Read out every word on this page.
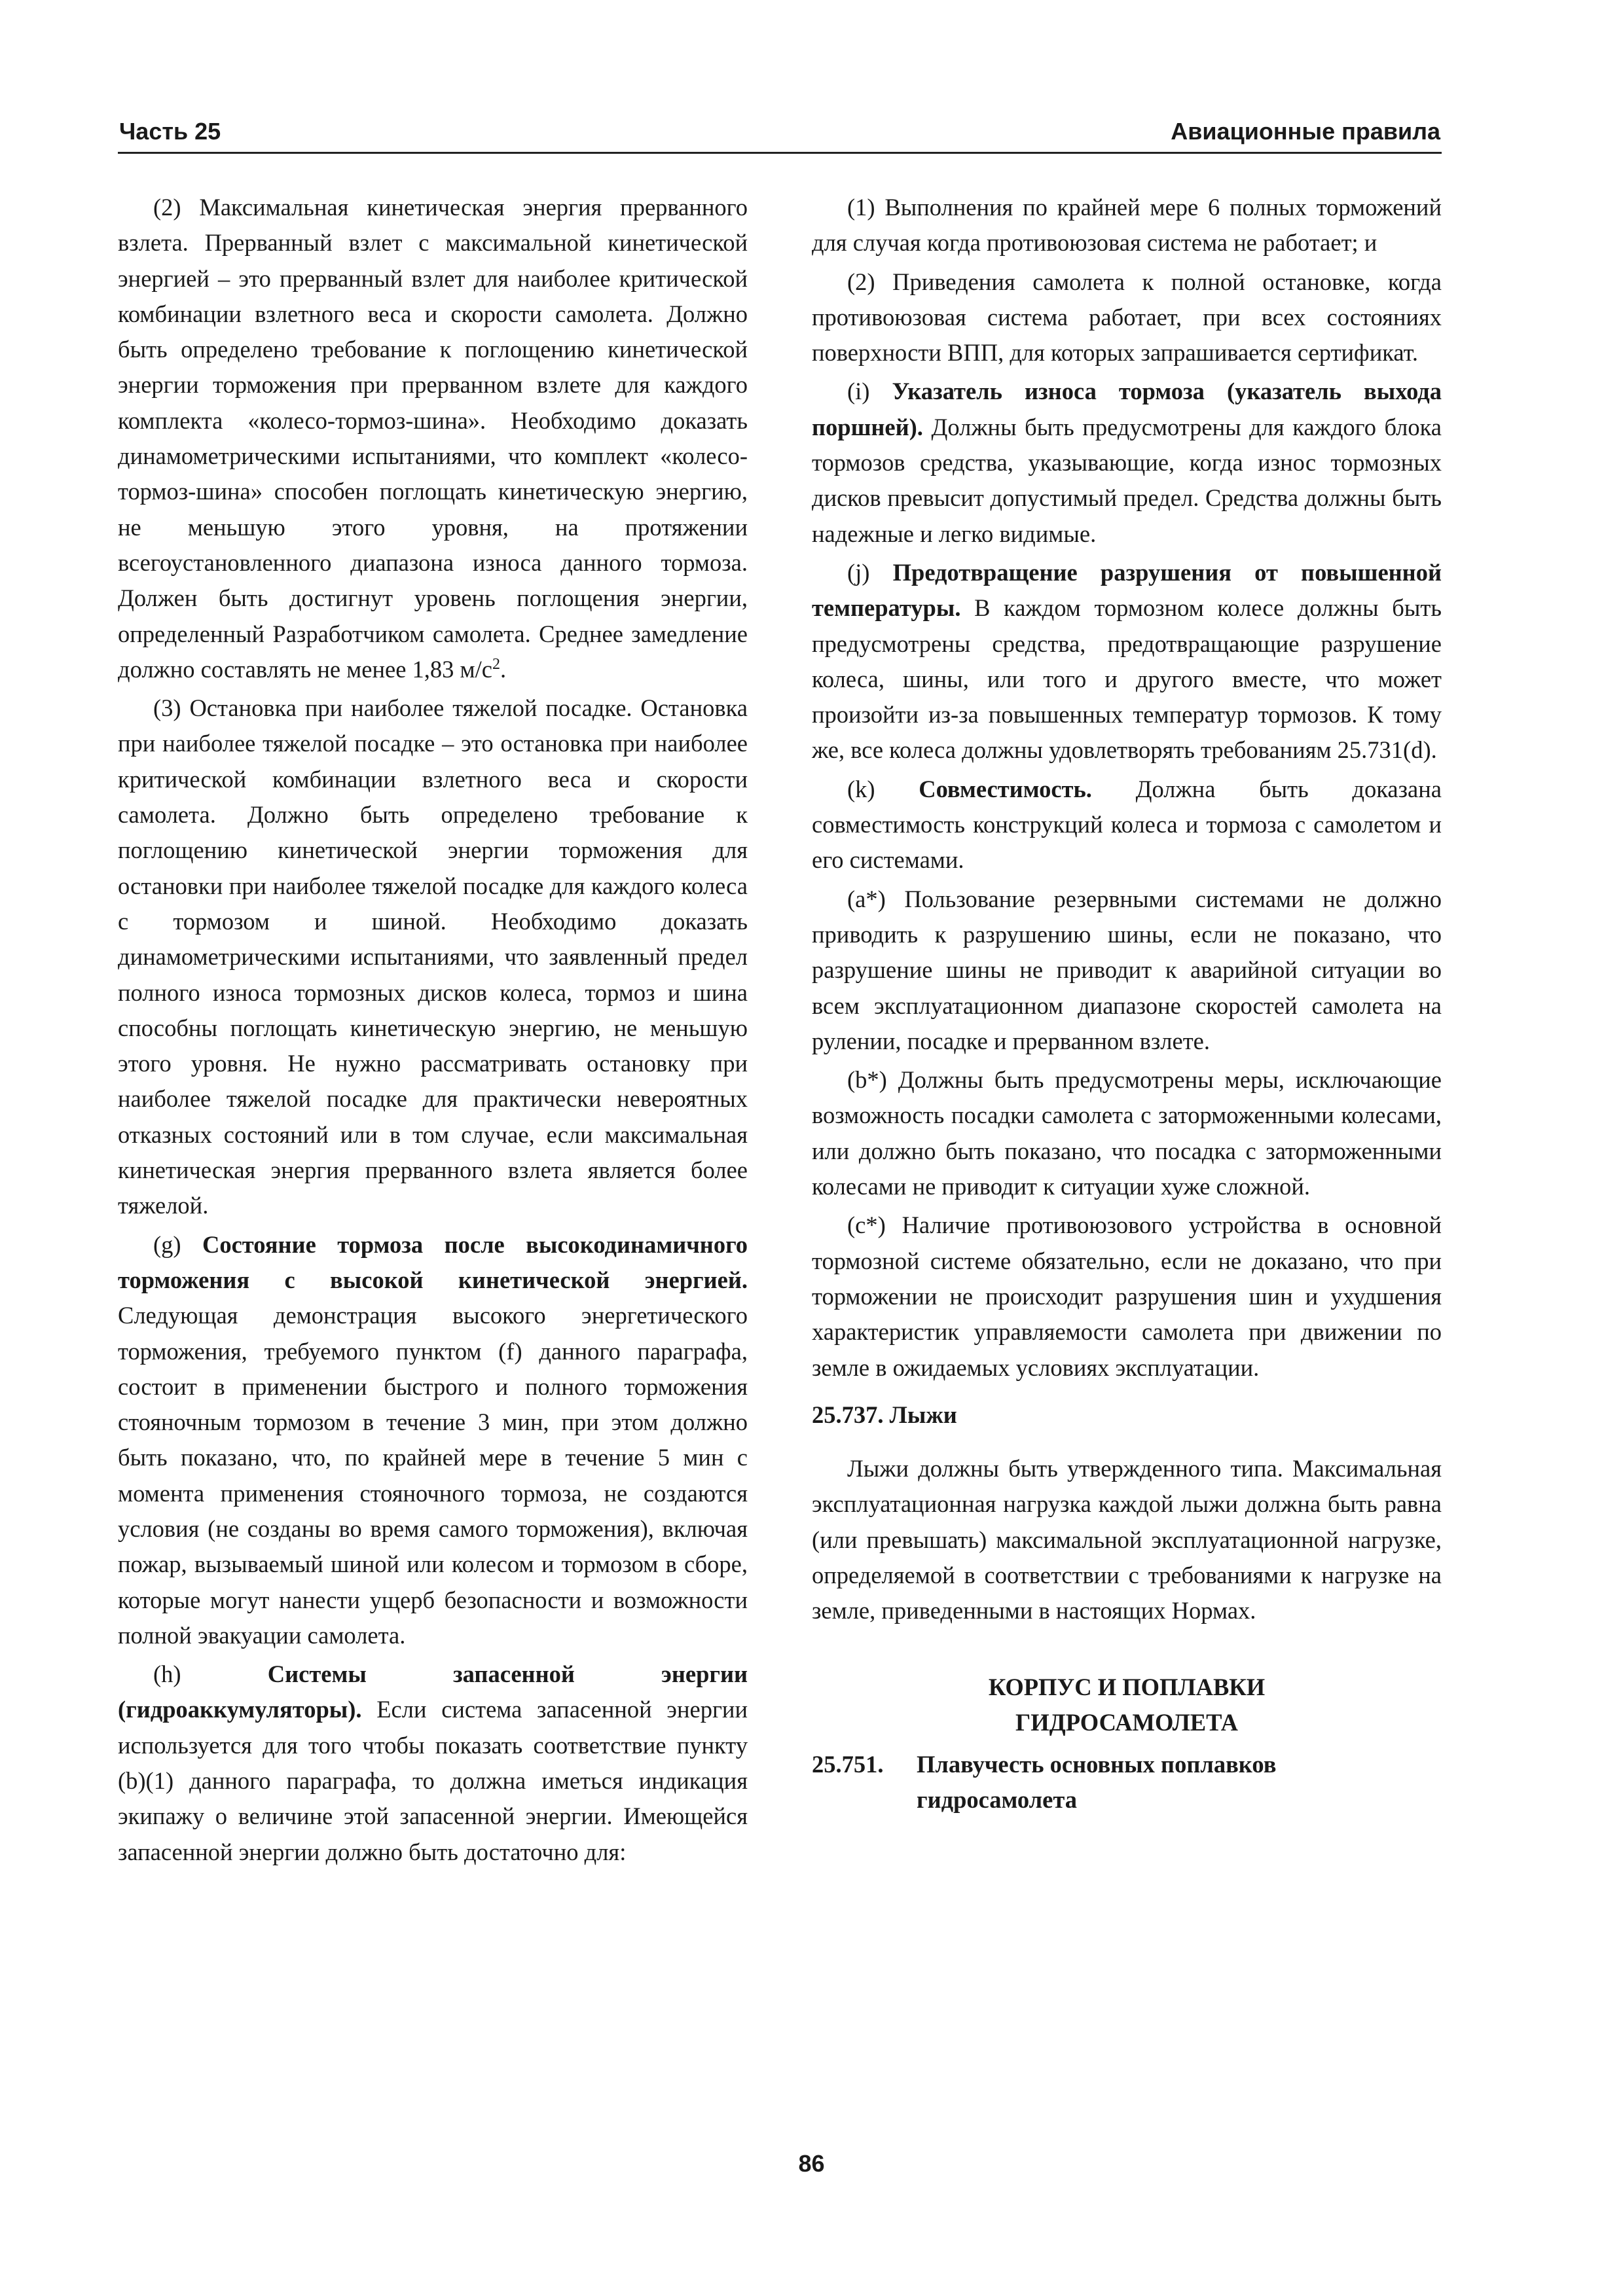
Часть 25	Авиационные правила

(2) Максимальная кинетическая энергия прерванного взлета. Прерванный взлет с максимальной кинетической энергией – это прерванный взлет для наиболее критической комбинации взлетного веса и скорости самолета. Должно быть определено требование к поглощению кинетической энергии торможения при прерванном взлете для каждого комплекта «колесо-тормоз-шина». Необходимо доказать динамометрическими испытаниями, что комплект «колесо-тормоз-шина» способен поглощать кинетическую энергию, не меньшую этого уровня, на протяжении всегоустановленного диапазона износа данного тормоза. Должен быть достигнут уровень поглощения энергии, определенный Разработчиком самолета. Среднее замедление должно составлять не менее 1,83 $м/с^2$.

(3) Остановка при наиболее тяжелой посадке. Остановка при наиболее тяжелой посадке – это остановка при наиболее критической комбинации взлетного веса и скорости самолета. Должно быть определено требование к поглощению кинетической энергии торможения для остановки при наиболее тяжелой посадке для каждого колеса с тормозом и шиной. Необходимо доказать динамометрическими испытаниями, что заявленный предел полного износа тормозных дисков колеса, тормоз и шина способны поглощать кинетическую энергию, не меньшую этого уровня. Не нужно рассматривать остановку при наиболее тяжелой посадке для практически невероятных отказных состояний или в том случае, если максимальная кинетическая энергия прерванного взлета является более тяжелой.

(g) Состояние тормоза после высокодинамичного торможения с высокой кинетической энергией. Следующая демонстрация высокого энергетического торможения, требуемого пунктом (f) данного параграфа, состоит в применении быстрого и полного торможения стояночным тормозом в течение 3 мин, при этом должно быть показано, что, по крайней мере в течение 5 мин с момента применения стояночного тормоза, не создаются условия (не созданы во время самого торможения), включая пожар, вызываемый шиной или колесом и тормозом в сборе, которые могут нанести ущерб безопасности и возможности полной эвакуации самолета.

(h)	Системы запасенной энергии (гидроаккумуляторы). Если система запасенной энергии используется для того чтобы показать соответствие пункту (b)(1) данного параграфа, то должна иметься индикация экипажу о величине этой запасенной энергии. Имеющейся запасенной энергии должно быть достаточно для:

(1) Выполнения по крайней мере 6 полных торможений для случая когда противоюзовая система не работает; и

(2) Приведения самолета к полной остановке, когда противоюзовая система работает, при всех состояниях поверхности ВПП, для которых запрашивается сертификат.

(i) Указатель износа тормоза (указатель выхода поршней). Должны быть предусмотрены для каждого блока тормозов средства, указывающие, когда износ тормозных дисков превысит допустимый предел. Средства должны быть надежные и легко видимые.

(j) Предотвращение разрушения от повышенной температуры. В каждом тормозном колесе должны быть предусмотрены средства, предотвращающие разрушение колеса, шины, или того и другого вместе, что может произойти из-за повышенных температур тормозов. К тому же, все колеса должны удовлетворять требованиям 25.731(d).

(k) Совместимость. Должна быть доказана совместимость конструкций колеса и тормоза с самолетом и его системами.

(a*) Пользование резервными системами не должно приводить к разрушению шины, если не показано, что разрушение шины не приводит к аварийной ситуации во всем эксплуатационном диапазоне скоростей самолета на рулении, посадке и прерванном взлете.

(b*) Должны быть предусмотрены меры, исключающие возможность посадки самолета с заторможенными колесами, или должно быть показано, что посадка с заторможенными колесами не приводит к ситуации хуже сложной.

(c*) Наличие противоюзового устройства в основной тормозной системе обязательно, если не доказано, что при торможении не происходит разрушения шин и ухудшения характеристик управляемости самолета при движении по земле в ожидаемых условиях эксплуатации.

25.737. Лыжи

Лыжи должны быть утвержденного типа. Максимальная эксплуатационная нагрузка каждой лыжи должна быть равна (или превышать) максимальной эксплуатационной нагрузке, определяемой в соответствии с требованиями к нагрузке на земле, приведенными в настоящих Нормах.

КОРПУС И ПОПЛАВКИ
ГИДРОСАМОЛЕТА

25.751.	Плавучесть основных поплавков
гидросамолета
86
